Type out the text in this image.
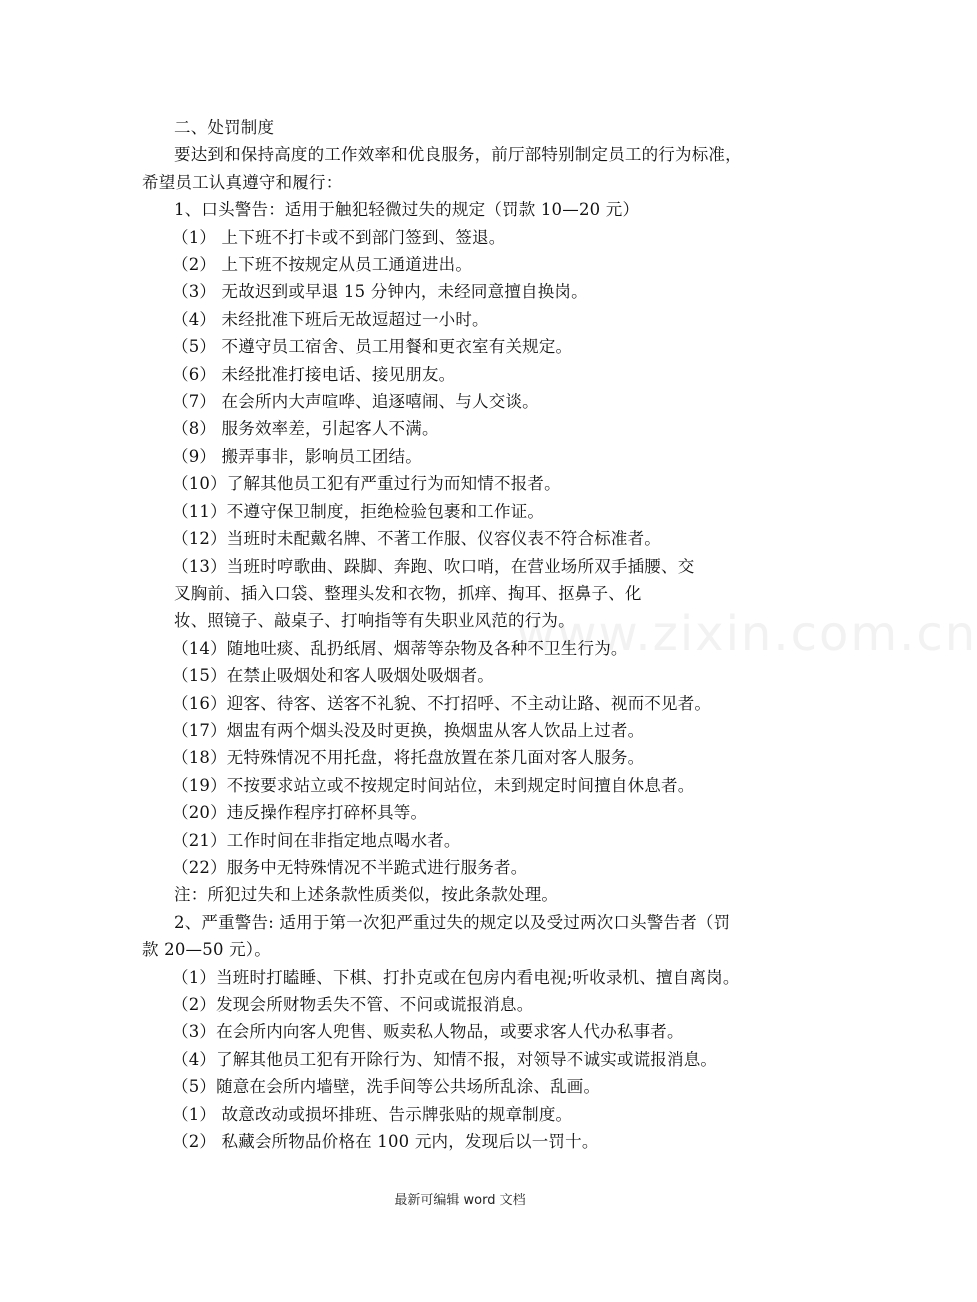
www.zixin.com.cn
二、处罚制度
要达到和保持高度的工作效率和优良服务，前厅部特别制定员工的行为标准，
希望员工认真遵守和履行：
1、口头警告：适用于触犯轻微过失的规定（罚款 10—20 元）
（1） 上下班不打卡或不到部门签到、签退。
（2） 上下班不按规定从员工通道进出。
（3） 无故迟到或早退 15 分钟内，未经同意擅自换岗。
（4） 未经批准下班后无故逗超过一小时。
（5） 不遵守员工宿舍、员工用餐和更衣室有关规定。
（6） 未经批准打接电话、接见朋友。
（7） 在会所内大声喧哗、追逐嘻闹、与人交谈。
（8） 服务效率差，引起客人不满。
（9） 搬弄事非，影响员工团结。
（10）了解其他员工犯有严重过行为而知情不报者。
（11）不遵守保卫制度，拒绝检验包裹和工作证。
（12）当班时未配戴名牌、不著工作服、仪容仪表不符合标准者。
（13）当班时哼歌曲、跺脚、奔跑、吹口哨，在营业场所双手插腰、交
叉胸前、插入口袋、整理头发和衣物，抓痒、掏耳、抠鼻子、化
妆、照镜子、敲桌子、打响指等有失职业风范的行为。
（14）随地吐痰、乱扔纸屑、烟蒂等杂物及各种不卫生行为。
（15）在禁止吸烟处和客人吸烟处吸烟者。
（16）迎客、待客、送客不礼貌、不打招呼、不主动让路、视而不见者。
（17）烟盅有两个烟头没及时更换，换烟盅从客人饮品上过者。
（18）无特殊情况不用托盘，将托盘放置在茶几面对客人服务。
（19）不按要求站立或不按规定时间站位，未到规定时间擅自休息者。
（20）违反操作程序打碎杯具等。
（21）工作时间在非指定地点喝水者。
（22）服务中无特殊情况不半跪式进行服务者。
注：所犯过失和上述条款性质类似，按此条款处理。
2、严重警告: 适用于第一次犯严重过失的规定以及受过两次口头警告者（罚
款 20—50 元）。
（1）当班时打瞌睡、下棋、打扑克或在包房内看电视;听收录机、擅自离岗。
（2）发现会所财物丢失不管、不问或谎报消息。
（3）在会所内向客人兜售、贩卖私人物品，或要求客人代办私事者。
（4）了解其他员工犯有开除行为、知情不报，对领导不诚实或谎报消息。
（5）随意在会所内墙壁，洗手间等公共场所乱涂、乱画。
（1） 故意改动或损坏排班、告示牌张贴的规章制度。
（2） 私藏会所物品价格在 100 元内，发现后以一罚十。
最新可编辑 word 文档
